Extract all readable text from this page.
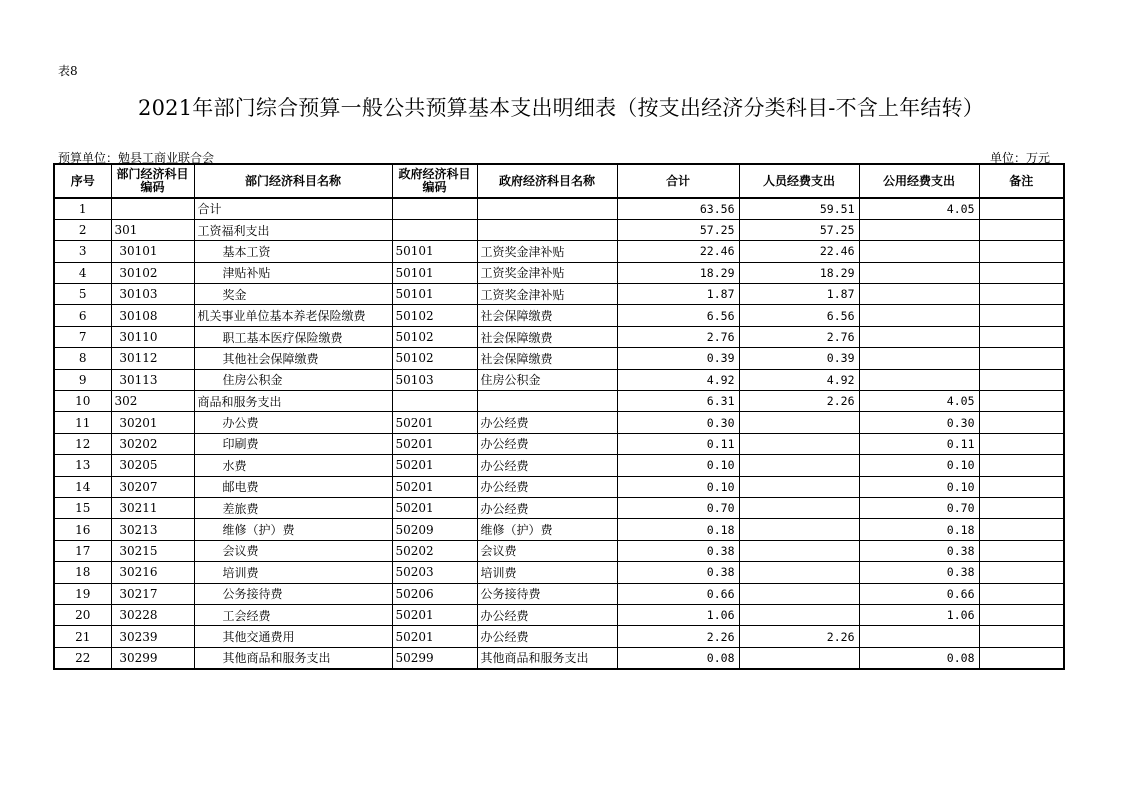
表8
2021年部门综合预算一般公共预算基本支出明细表（按支出经济分类科目-不含上年结转）
预算单位：勉县工商业联合会	单位：万元
序号	部门经济科目编码	部门经济科目名称	政府经济科目编码	政府经济科目名称	合计	人员经费支出	公用经费支出	备注
1		合计			63.56	59.51	4.05	
2	301	工资福利支出			57.25	57.25		
3	30101	基本工资	50101	工资奖金津补贴	22.46	22.46		
4	30102	津贴补贴	50101	工资奖金津补贴	18.29	18.29		
5	30103	奖金	50101	工资奖金津补贴	1.87	1.87		
6	30108	机关事业单位基本养老保险缴费	50102	社会保障缴费	6.56	6.56		
7	30110	职工基本医疗保险缴费	50102	社会保障缴费	2.76	2.76		
8	30112	其他社会保障缴费	50102	社会保障缴费	0.39	0.39		
9	30113	住房公积金	50103	住房公积金	4.92	4.92		
10	302	商品和服务支出			6.31	2.26	4.05	
11	30201	办公费	50201	办公经费	0.30		0.30	
12	30202	印刷费	50201	办公经费	0.11		0.11	
13	30205	水费	50201	办公经费	0.10		0.10	
14	30207	邮电费	50201	办公经费	0.10		0.10	
15	30211	差旅费	50201	办公经费	0.70		0.70	
16	30213	维修（护）费	50209	维修（护）费	0.18		0.18	
17	30215	会议费	50202	会议费	0.38		0.38	
18	30216	培训费	50203	培训费	0.38		0.38	
19	30217	公务接待费	50206	公务接待费	0.66		0.66	
20	30228	工会经费	50201	办公经费	1.06		1.06	
21	30239	其他交通费用	50201	办公经费	2.26	2.26		
22	30299	其他商品和服务支出	50299	其他商品和服务支出	0.08		0.08	
